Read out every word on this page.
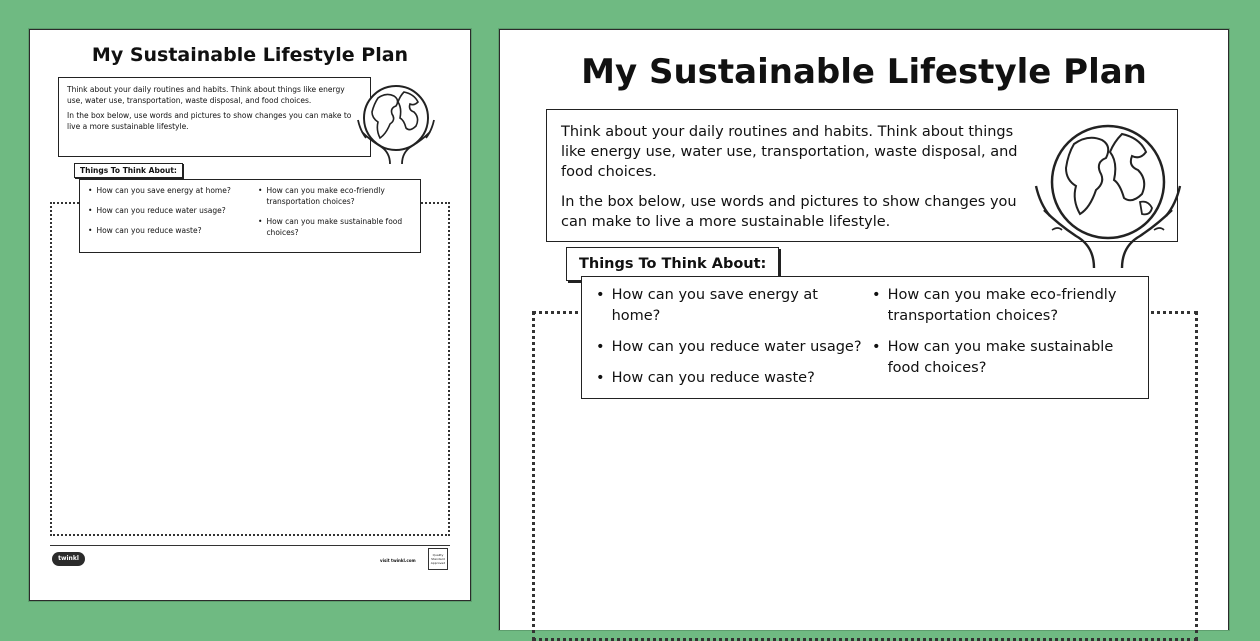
My Sustainable Lifestyle Plan

Think about your daily routines and habits. Think about things like energy use, water use, transportation, waste disposal, and food choices.

In the box below, use words and pictures to show changes you can make to live a more sustainable lifestyle.

Things To Think About:
• How can you save energy at home?
• How can you reduce water usage?
• How can you reduce waste?
• How can you make eco-friendly transportation choices?
• How can you make sustainable food choices?
twinkl	visit twinkl.com
Quality Standard Approved
My Sustainable Lifestyle Plan

Think about your daily routines and habits. Think about things like energy use, water use, transportation, waste disposal, and food choices.

In the box below, use words and pictures to show changes you can make to live a more sustainable lifestyle.

Things To Think About:
• How can you save energy at home?
• How can you reduce water usage?
• How can you reduce waste?
• How can you make eco-friendly transportation choices?
• How can you make sustainable food choices?
